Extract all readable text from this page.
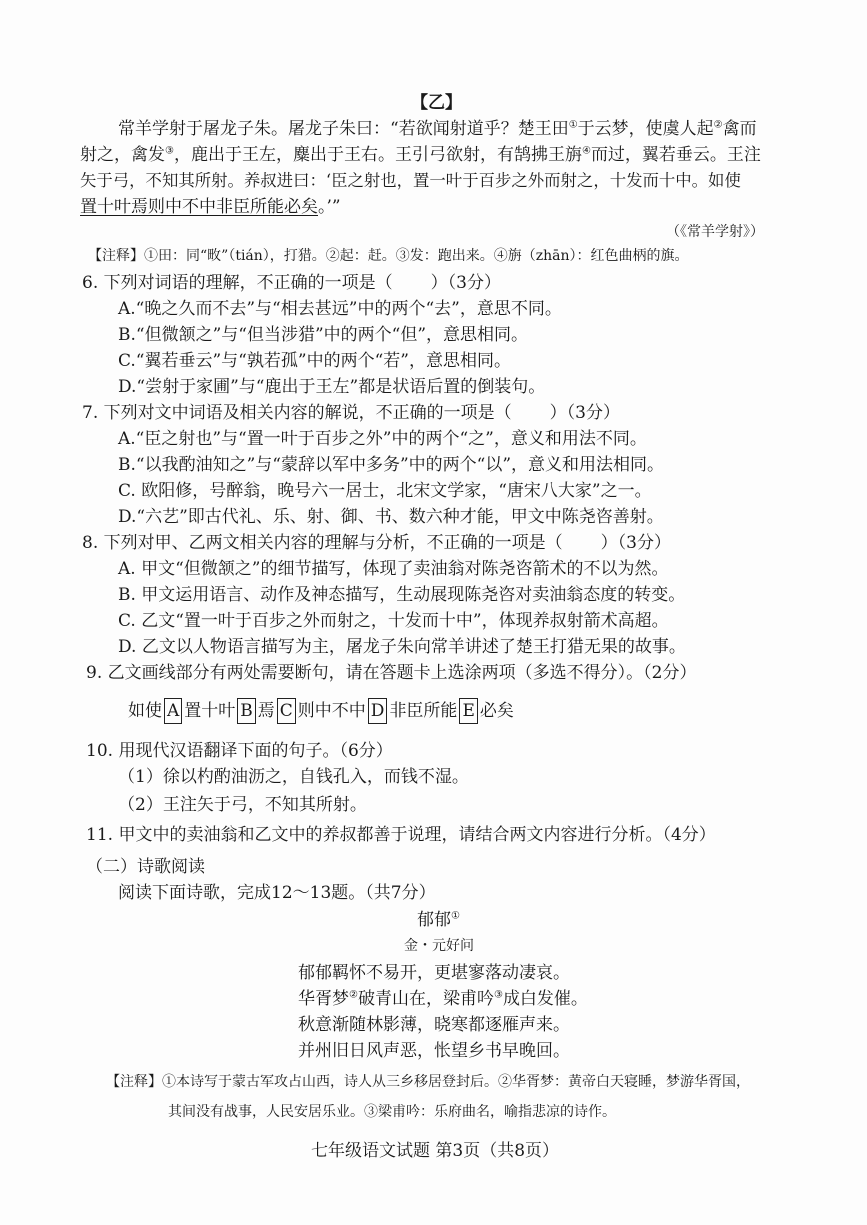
【乙】
常羊学射于屠龙子朱。屠龙子朱曰：“若欲闻射道乎？楚王田①于云梦，使虞人起②禽而
射之，禽发③，鹿出于王左，麋出于王右。王引弓欲射，有鹄拂王旃④而过，翼若垂云。王注
矢于弓，不知其所射。养叔进曰：‘臣之射也，置一叶于百步之外而射之，十发而十中。如使
置十叶焉则中不中非臣所能必矣。’”
（《常羊学射》）
【注释】①田：同“畋”（tián），打猎。②起：赶。③发：跑出来。④旃（zhān）：红色曲柄的旗。
6. 下列对词语的理解，不正确的一项是（ ）（3分）
A.“晩之久而不去”与“相去甚远”中的两个“去”，意思不同。
B.“但微颔之”与“但当涉猎”中的两个“但”，意思相同。
C.“翼若垂云”与“孰若孤”中的两个“若”，意思相同。
D.“尝射于家圃”与“鹿出于王左”都是状语后置的倒装句。
7. 下列对文中词语及相关内容的解说，不正确的一项是（ ）（3分）
A.“臣之射也”与“置一叶于百步之外”中的两个“之”，意义和用法不同。
B.“以我酌油知之”与“蒙辞以军中多务”中的两个“以”，意义和用法相同。
C. 欧阳修，号醉翁，晚号六一居士，北宋文学家，“唐宋八大家”之一。
D.“六艺”即古代礼、乐、射、御、书、数六种才能，甲文中陈尧咨善射。
8. 下列对甲、乙两文相关内容的理解与分析，不正确的一项是（ ）（3分）
A. 甲文“但微颔之”的细节描写，体现了卖油翁对陈尧咨箭术的不以为然。
B. 甲文运用语言、动作及神态描写，生动展现陈尧咨对卖油翁态度的转变。
C. 乙文“置一叶于百步之外而射之，十发而十中”，体现养叔射箭术高超。
D. 乙文以人物语言描写为主，屠龙子朱向常羊讲述了楚王打猎无果的故事。
9. 乙文画线部分有两处需要断句，请在答题卡上选涂两项（多选不得分）。（2分）
如使 A 置十叶 B 焉 C 则中不中 D 非臣所能 E 必矣
10. 用现代汉语翻译下面的句子。（6分）
（1）徐以杓酌油沥之，自钱孔入，而钱不湿。
（2）王注矢于弓，不知其所射。
11. 甲文中的卖油翁和乙文中的养叔都善于说理，请结合两文内容进行分析。（4分）
（二）诗歌阅读
阅读下面诗歌，完成12～13题。（共7分）
郁郁①
金・元好问
郁郁羁怀不易开，更堪寥落动凄哀。
华胥梦②破青山在，梁甫吟③成白发催。
秋意渐随林影薄，晓寒都逐雁声来。
并州旧日风声恶，怅望乡书早晚回。
【注释】①本诗写于蒙古军攻占山西，诗人从三乡移居登封后。②华胥梦：黄帝白天寝睡，梦游华胥国，
其间没有战事，人民安居乐业。③梁甫吟：乐府曲名，喻指悲凉的诗作。
七年级语文试题 第3页（共8页）
